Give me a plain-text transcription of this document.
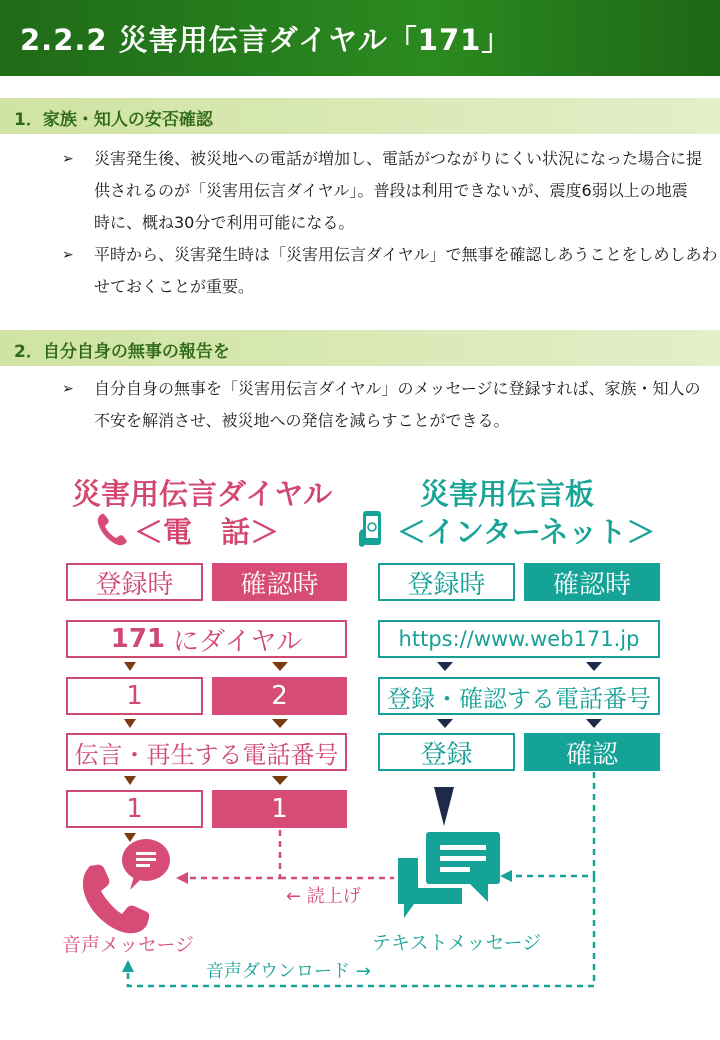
2.2.2 災害用伝言ダイヤル「171」
1．家族・知人の安否確認
➢	災害発生後、被災地への電話が増加し、電話がつながりにくい状況になった場合に提
供されるのが「災害用伝言ダイヤル」。普段は利用できないが、震度6弱以上の地震
時に、概ね30分で利用可能になる。
➢	平時から、災害発生時は「災害用伝言ダイヤル」で無事を確認しあうことをしめしあわ
せておくことが重要。
2．自分自身の無事の報告を
➢	自分自身の無事を「災害用伝言ダイヤル」のメッセージに登録すれば、家族・知人の
不安を解消させ、被災地への発信を減らすことができる。
災害用伝言ダイヤル
＜電　話＞
登録時	確認時
171 にダイヤル
1	2
伝言・再生する電話番号
1	1
災害用伝言板
＜インターネット＞
登録時	確認時
https://www.web171.jp
登録・確認する電話番号
登録	確認
← 読上げ
音声メッセージ	テキストメッセージ
音声ダウンロード →
